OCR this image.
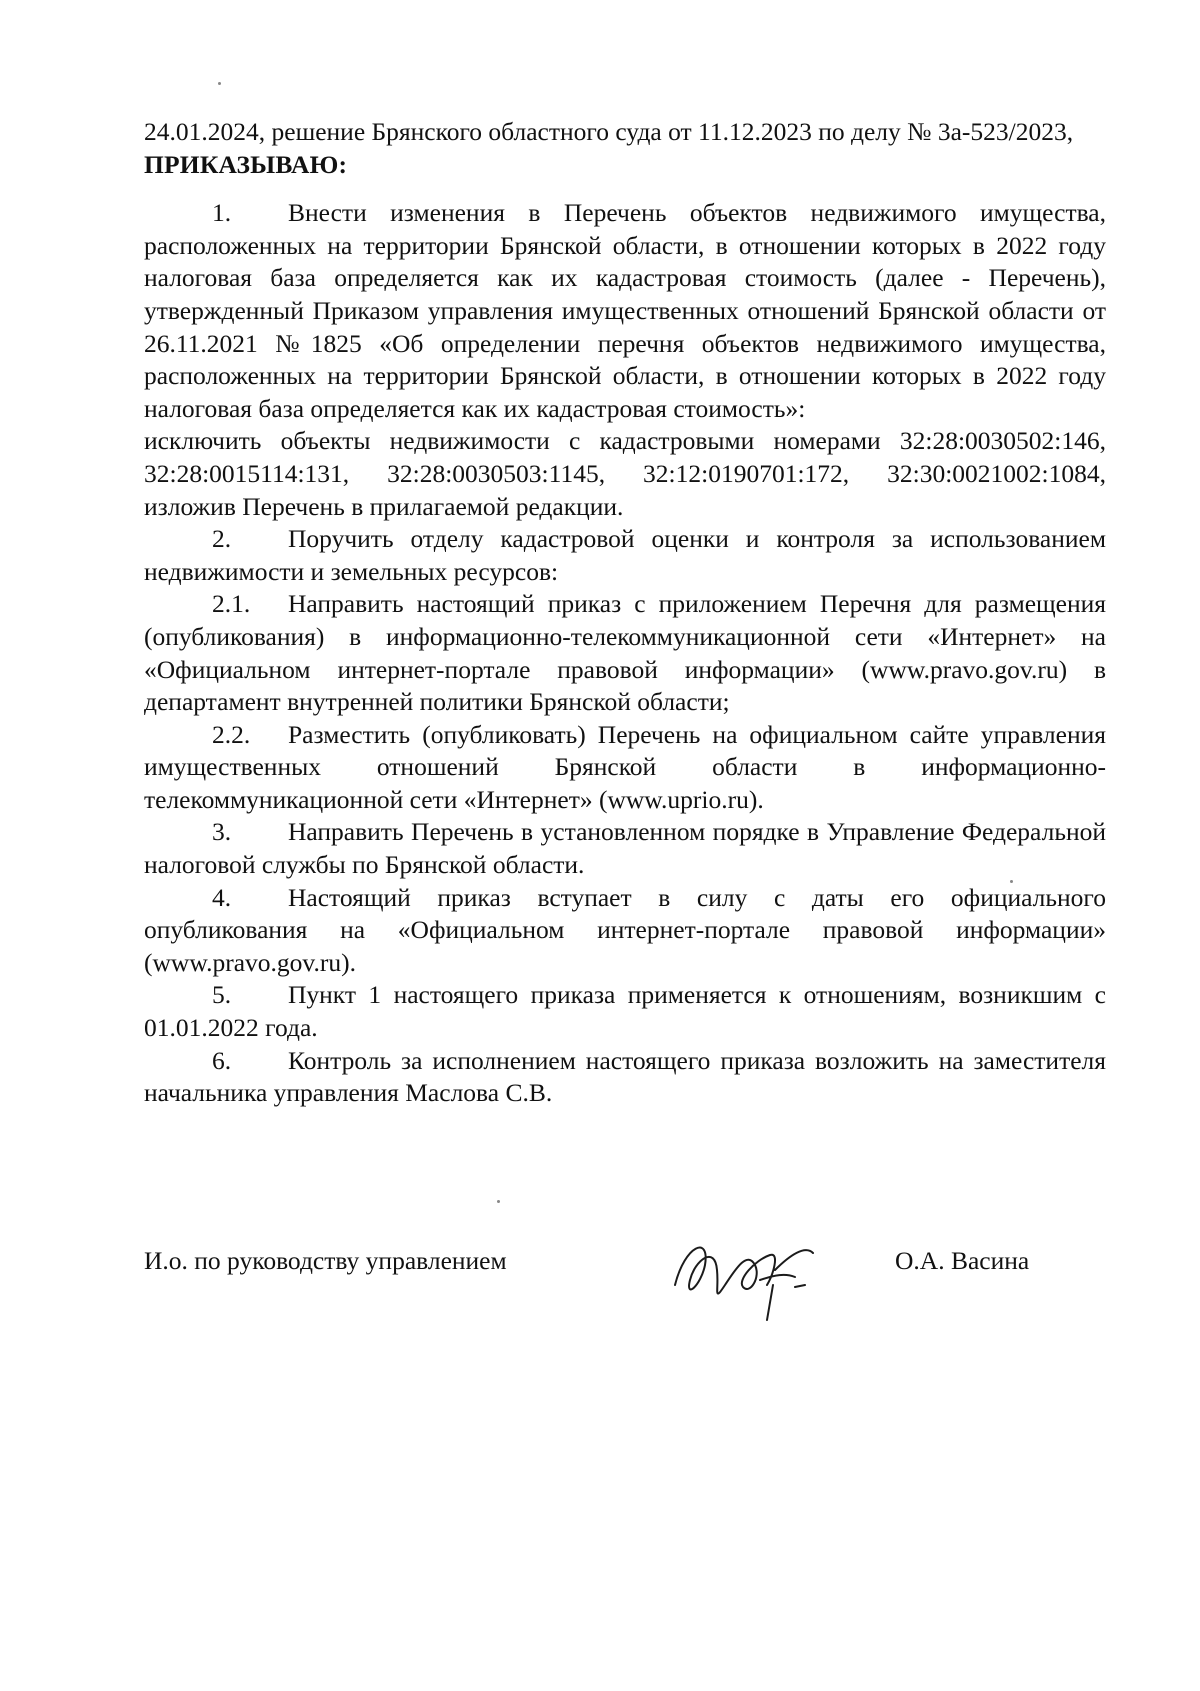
24.01.2024, решение Брянского областного суда от 11.12.2023 по делу № 3а-523/2023,

ПРИКАЗЫВАЮ:

1. Внести изменения в Перечень объектов недвижимого имущества, расположенных на территории Брянской области, в отношении которых в 2022 году налоговая база определяется как их кадастровая стоимость (далее - Перечень), утвержденный Приказом управления имущественных отношений Брянской области от 26.11.2021 №1825 «Об определении перечня объектов недвижимого имущества, расположенных на территории Брянской области, в отношении которых в 2022 году налоговая база определяется как их кадастровая стоимость»:

исключить объекты недвижимости с кадастровыми номерами 32:28:0030502:146, 32:28:0015114:131, 32:28:0030503:1145, 32:12:0190701:172, 32:30:0021002:1084, изложив Перечень в прилагаемой редакции.

2. Поручить отделу кадастровой оценки и контроля за использованием недвижимости и земельных ресурсов:

2.1. Направить настоящий приказ с приложением Перечня для размещения (опубликования) в информационно-телекоммуникационной сети «Интернет» на «Официальном интернет-портале правовой информации» (www.pravo.gov.ru) в департамент внутренней политики Брянской области;

2.2. Разместить (опубликовать) Перечень на официальном сайте управления имущественных отношений Брянской области в информационно-телекоммуникационной сети «Интернет» (www.uprio.ru).

3. Направить Перечень в установленном порядке в Управление Федеральной налоговой службы по Брянской области.

4. Настоящий приказ вступает в силу с даты его официального опубликования на «Официальном интернет-портале правовой информации» (www.pravo.gov.ru).

5. Пункт 1 настоящего приказа применяется к отношениям, возникшим с 01.01.2022 года.

6. Контроль за исполнением настоящего приказа возложить на заместителя начальника управления Маслова С.В.

И.о. по руководству управлением	О.А. Васина
